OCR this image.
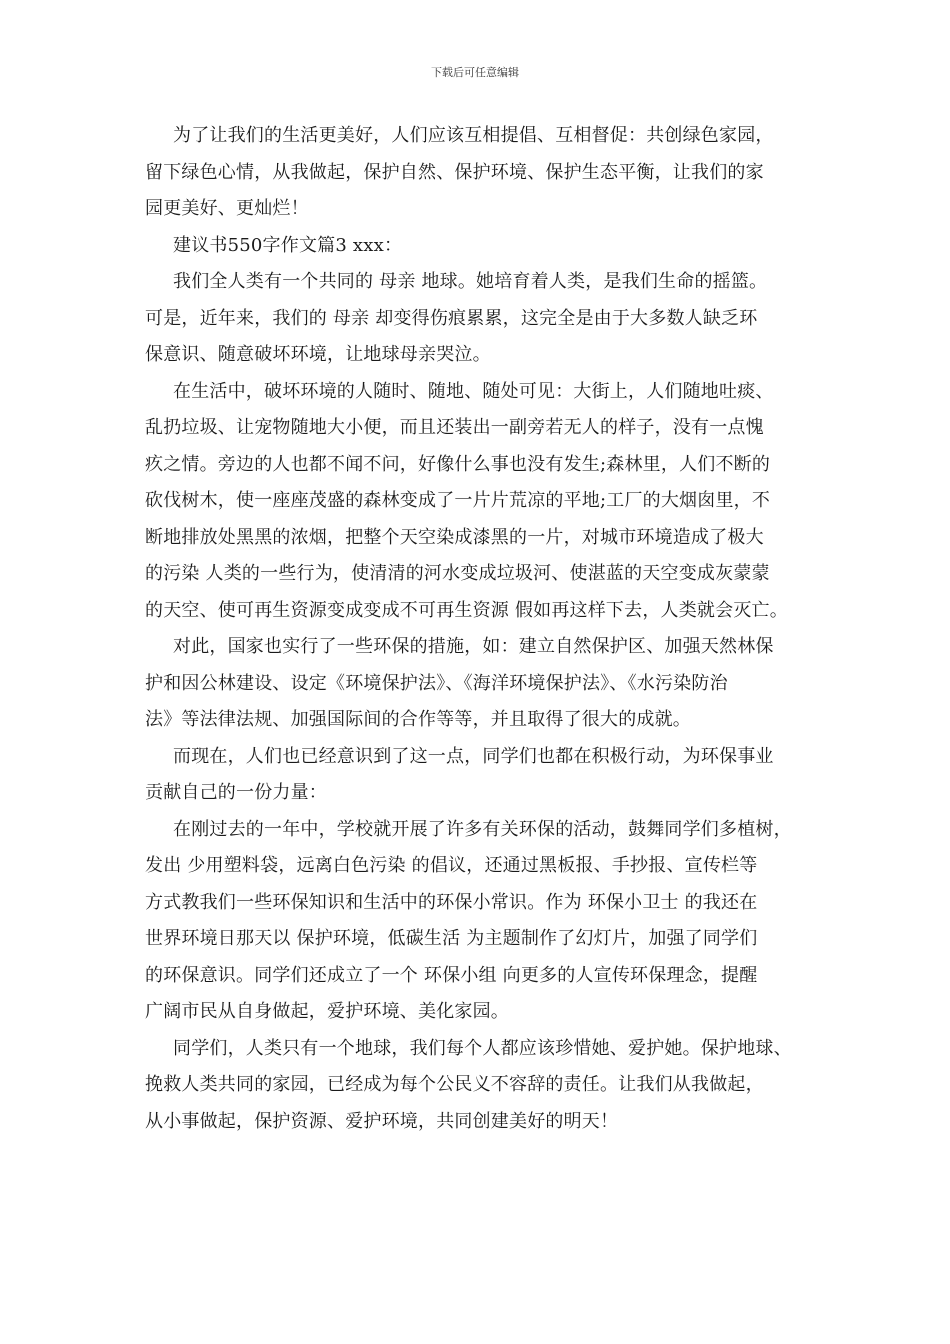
下载后可任意编辑
为了让我们的生活更美好，人们应该互相提倡、互相督促：共创绿色家园，
留下绿色心情，从我做起，保护自然、保护环境、保护生态平衡，让我们的家
园更美好、更灿烂！
建议书550字作文篇3 xxx：
我们全人类有一个共同的 母亲 地球。她培育着人类，是我们生命的摇篮。
可是，近年来，我们的 母亲 却变得伤痕累累，这完全是由于大多数人缺乏环
保意识、随意破坏环境，让地球母亲哭泣。
在生活中，破坏环境的人随时、随地、随处可见：大街上，人们随地吐痰、
乱扔垃圾、让宠物随地大小便，而且还装出一副旁若无人的样子，没有一点愧
疚之情。旁边的人也都不闻不问，好像什么事也没有发生;森林里，人们不断的
砍伐树木，使一座座茂盛的森林变成了一片片荒凉的平地;工厂的大烟囱里，不
断地排放处黑黑的浓烟，把整个天空染成漆黑的一片，对城市环境造成了极大
的污染 人类的一些行为，使清清的河水变成垃圾河、使湛蓝的天空变成灰蒙蒙
的天空、使可再生资源变成变成不可再生资源 假如再这样下去，人类就会灭亡。
对此，国家也实行了一些环保的措施，如：建立自然保护区、加强天然林保
护和因公林建设、设定《环境保护法》、《海洋环境保护法》、《水污染防治
法》等法律法规、加强国际间的合作等等，并且取得了很大的成就。
而现在，人们也已经意识到了这一点，同学们也都在积极行动，为环保事业
贡献自己的一份力量：
在刚过去的一年中，学校就开展了许多有关环保的活动，鼓舞同学们多植树，
发出 少用塑料袋，远离白色污染 的倡议，还通过黑板报、手抄报、宣传栏等
方式教我们一些环保知识和生活中的环保小常识。作为 环保小卫士 的我还在
世界环境日那天以 保护环境，低碳生活 为主题制作了幻灯片，加强了同学们
的环保意识。同学们还成立了一个 环保小组 向更多的人宣传环保理念，提醒
广阔市民从自身做起，爱护环境、美化家园。
同学们，人类只有一个地球，我们每个人都应该珍惜她、爱护她。保护地球、
挽救人类共同的家园，已经成为每个公民义不容辞的责任。让我们从我做起，
从小事做起，保护资源、爱护环境，共同创建美好的明天！
